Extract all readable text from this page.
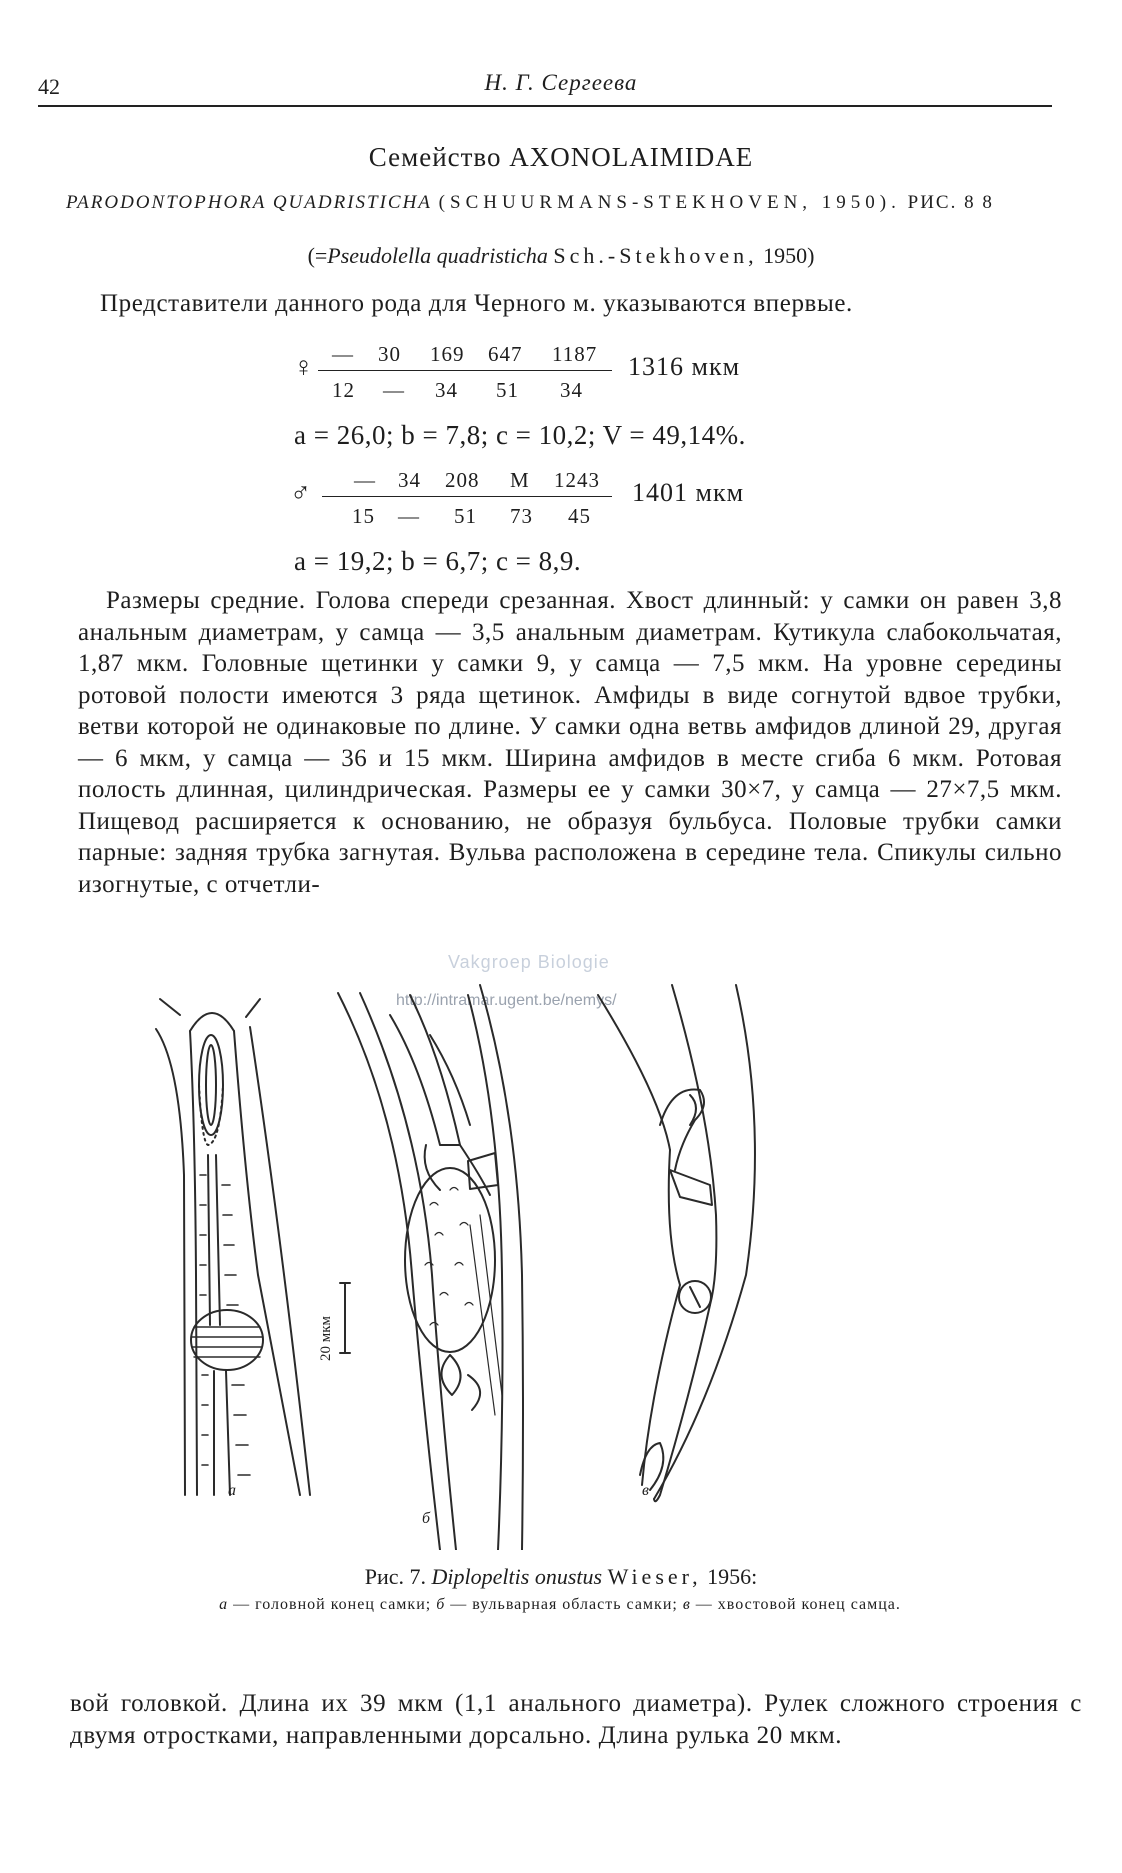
42	Н. Г. Сергеева
Семейство AXONOLAIMIDAE
PARODONTOPHORA QUADRISTICHA (SCHUURMANS-STEKHOVEN, 1950). РИС. 8 8
(=Pseudolella quadristicha Sch.-Stekhoven, 1950)
Представители данного рода для Черного м. указываются впервые.
♀ — 30 169 647 1187
12 — 34 51 34
1316 мкм
a = 26,0; b = 7,8; c = 10,2; V = 49,14%.
♂ — 34 208 M 1243
15 — 51 73 45
1401 мкм
a = 19,2; b = 6,7; c = 8,9.
Размеры средние. Голова спереди срезанная. Хвост длинный: у самки он равен 3,8 анальным диаметрам, у самца — 3,5 анальным диаметрам. Кутикула слабокольчатая, 1,87 мкм. Головные щетинки у самки 9, у самца — 7,5 мкм. На уровне середины ротовой полости имеются 3 ряда щетинок. Амфиды в виде согнутой вдвое трубки, ветви которой не одинаковые по длине. У самки одна ветвь амфидов длиной 29, другая — 6 мкм, у самца — 36 и 15 мкм. Ширина амфидов в месте сгиба 6 мкм. Ротовая полость длинная, цилиндрическая. Размеры ее у самки 30×7, у самца — 27×7,5 мкм. Пищевод расширяется к основанию, не образуя бульбуса. Половые трубки самки парные: задняя трубка загнутая. Вульва расположена в середине тела. Спикулы сильно изогнутые, с отчетли-
Vakgroep Biologie
http://intramar.ugent.be/nemys/
20 мкм
а
б
в
Рис. 7. Diplopeltis onustus Wieser, 1956:
а — головной конец самки; б — вульварная область самки; в — хвостовой конец самца.
вой головкой. Длина их 39 мкм (1,1 анального диаметра). Рулек сложного строения с двумя отростками, направленными дорсально. Длина рулька 20 мкм.
